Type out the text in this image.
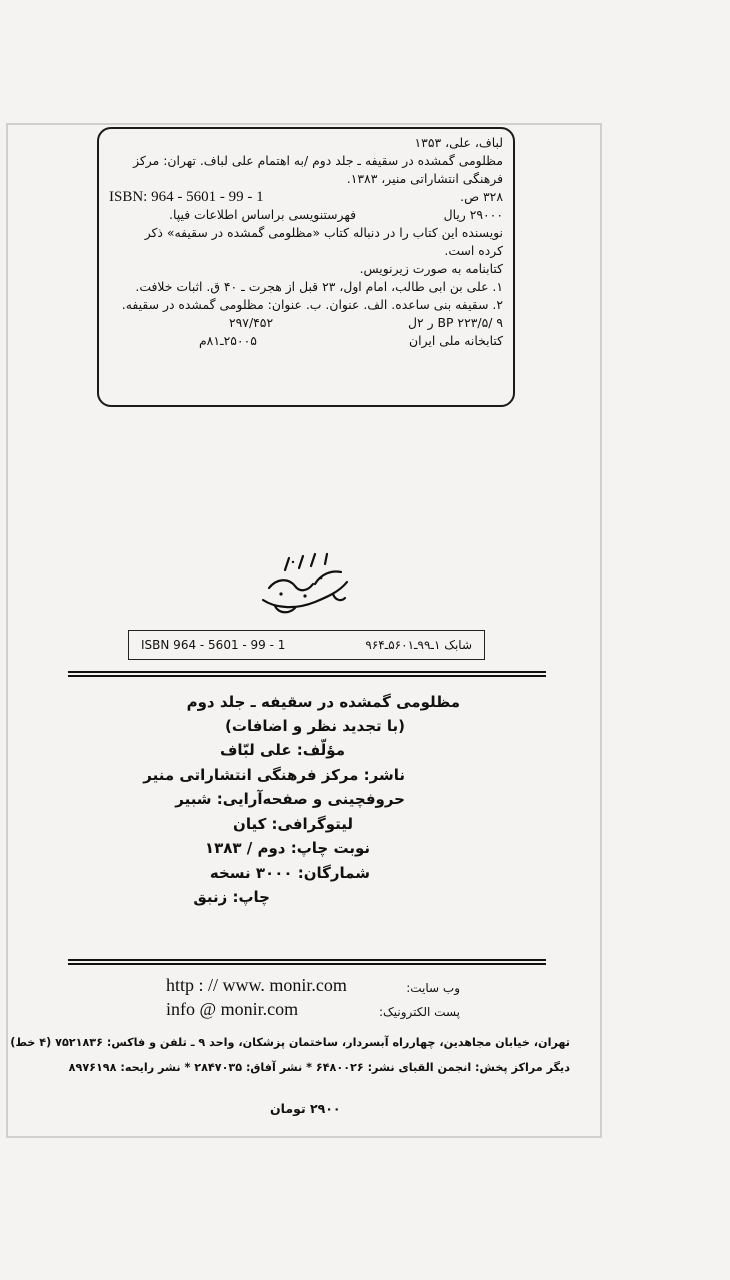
لباف، علی، ۱۳۵۳
مظلومی گمشده در سقیفه ـ جلد دوم /به اهتمام علی لباف. تهران: مرکز
فرهنگی انتشاراتی منیر، ۱۳۸۳.
۳۲۸ ص.
ISBN: 964 - 5601 - 99 - 1
۲۹۰۰۰ ریال
فهرستنویسی براساس اطلاعات فیپا.
نویسنده این کتاب را در دنباله کتاب «مظلومی گمشده در سقیفه» ذکر
کرده است.
کتابنامه به صورت زیرنویس.
۱. علی بن ابی طالب، امام اول، ۲۳ قبل از هجرت ـ ۴۰ ق. اثبات خلافت.
۲. سقیفه بنی ساعده. الف. عنوان. ب. عنوان: مظلومی گمشده در سقیفه.
BP ۲۲۳/۵/ ۹ ر ۲ل
۲۹۷/۴۵۲
کتابخانه ملی ایران
۲۵۰۰۵ـ۸۱م
ISBN 964 - 5601 - 99 - 1	شابک ۱ـ۹۹ـ۵۶۰۱ـ۹۶۴
مظلومی گمشده در سقیفه ـ جلد دوم
(با تجدید نظر و اضافات)
مؤلّف: علی لبّاف
ناشر: مرکز فرهنگی انتشاراتی منیر
حروفچینی و صفحه‌آرایی: شبیر
لیتوگرافی: کیان
نوبت چاپ: دوم / ۱۳۸۳
شمارگان: ۳۰۰۰ نسخه
چاپ: زنبق
وب سایت:
http : // www. monir.com
پست الکترونیک:
info @ monir.com
تهران، خیابان مجاهدین، چهارراه آبسردار، ساختمان پزشکان، واحد ۹ ـ تلفن و فاکس: ۷۵۲۱۸۳۶ (۴ خط)
دیگر مراکز پخش: انجمن القبای نشر: ۶۴۸۰۰۲۶ * نشر آفاق: ۲۸۴۷۰۳۵ * نشر رایحه: ۸۹۷۶۱۹۸
۲۹۰۰ تومان
